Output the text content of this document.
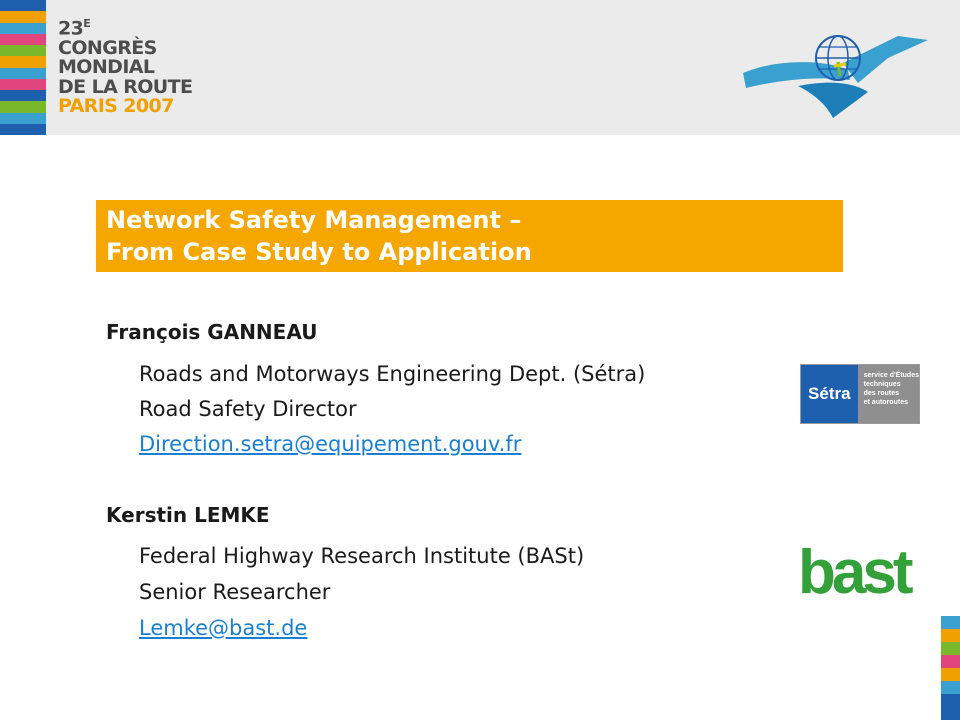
$23^E$
CONGRÈS
MONDIAL
DE LA ROUTE
PARIS 2007
Network Safety Management –
From Case Study to Application
François GANNEAU
Roads and Motorways Engineering Dept. (Sétra)
Road Safety Director
Direction.setra@equipement.gouv.fr
Kerstin LEMKE
Federal Highway Research Institute (BASt)
Senior Researcher
Lemke@bast.de
Sétra
service d'Études
techniques
des routes
et autoroutes
bast
